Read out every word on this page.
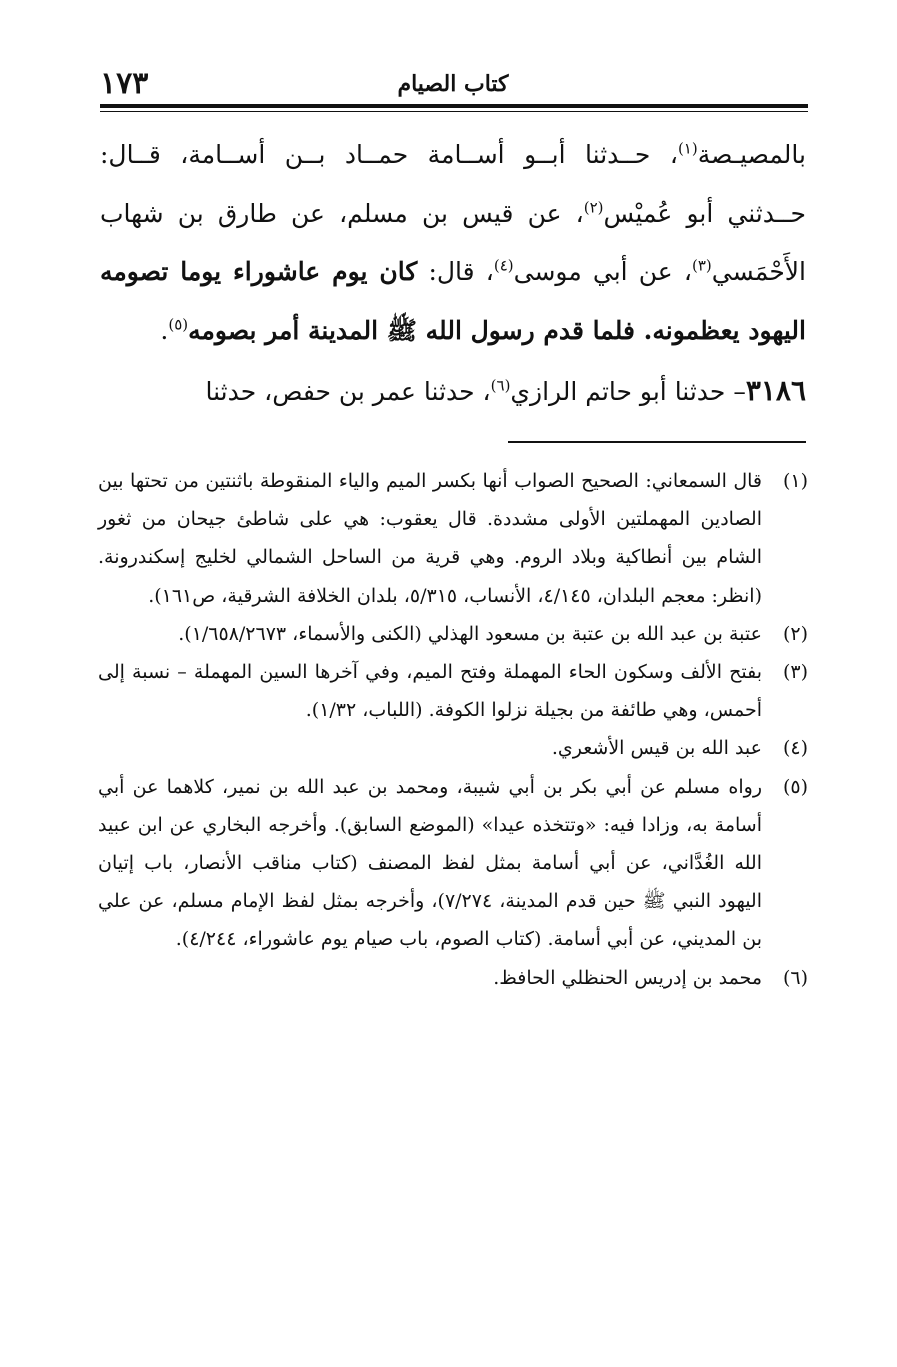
١٧٣	كتاب الصيام

بالمصيـصة$^{(١)}$، حــدثنا أبــو أســامة حمــاد بــن أســامة، قــال: حــدثني أبو عُميْس$^{(٢)}$، عن قيس بن مسلم، عن طارق بن شهاب الأَحْمَسي$^{(٣)}$، عن أبي موسى$^{(٤)}$، قال: كان يوم عاشوراء يوما تصومه اليهود يعظمونه. فلما قدم رسول الله ﷺ المدينة أمر بصومه$^{(٥)}$.

٣١٨٦– حدثنا أبو حاتم الرازي$^{(٦)}$، حدثنا عمر بن حفص، حدثنا

(١)
قال السمعاني: الصحيح الصواب أنها بكسر الميم والياء المنقوطة باثنتين من تحتها بين الصادين المهملتين الأولى مشددة. قال يعقوب: هي على شاطئ جيحان من ثغور الشام بين أنطاكية وبلاد الروم. وهي قرية من الساحل الشمالي لخليج إسكندرونة. (انظر: معجم البلدان، ٤/١٤٥، الأنساب، ٥/٣١٥، بلدان الخلافة الشرقية، ص١٦١).

(٢)
عتبة بن عبد الله بن عتبة بن مسعود الهذلي (الكنى والأسماء، ١/٦٥٨/٢٦٧٣).

(٣)
بفتح الألف وسكون الحاء المهملة وفتح الميم، وفي آخرها السين المهملة – نسبة إلى أحمس، وهي طائفة من بجيلة نزلوا الكوفة. (اللباب، ١/٣٢).

(٤)
عبد الله بن قيس الأشعري.

(٥)
رواه مسلم عن أبي بكر بن أبي شيبة، ومحمد بن عبد الله بن نمير، كلاهما عن أبي أسامة به، وزادا فيه: «وتتخذه عيدا» (الموضع السابق). وأخرجه البخاري عن ابن عبيد الله الغُدَّاني، عن أبي أسامة بمثل لفظ المصنف (كتاب مناقب الأنصار، باب إتيان اليهود النبي ﷺ حين قدم المدينة، ٧/٢٧٤)، وأخرجه بمثل لفظ الإمام مسلم، عن علي بن المديني، عن أبي أسامة. (كتاب الصوم، باب صيام يوم عاشوراء، ٤/٢٤٤).

(٦)
محمد بن إدريس الحنظلي الحافظ.
